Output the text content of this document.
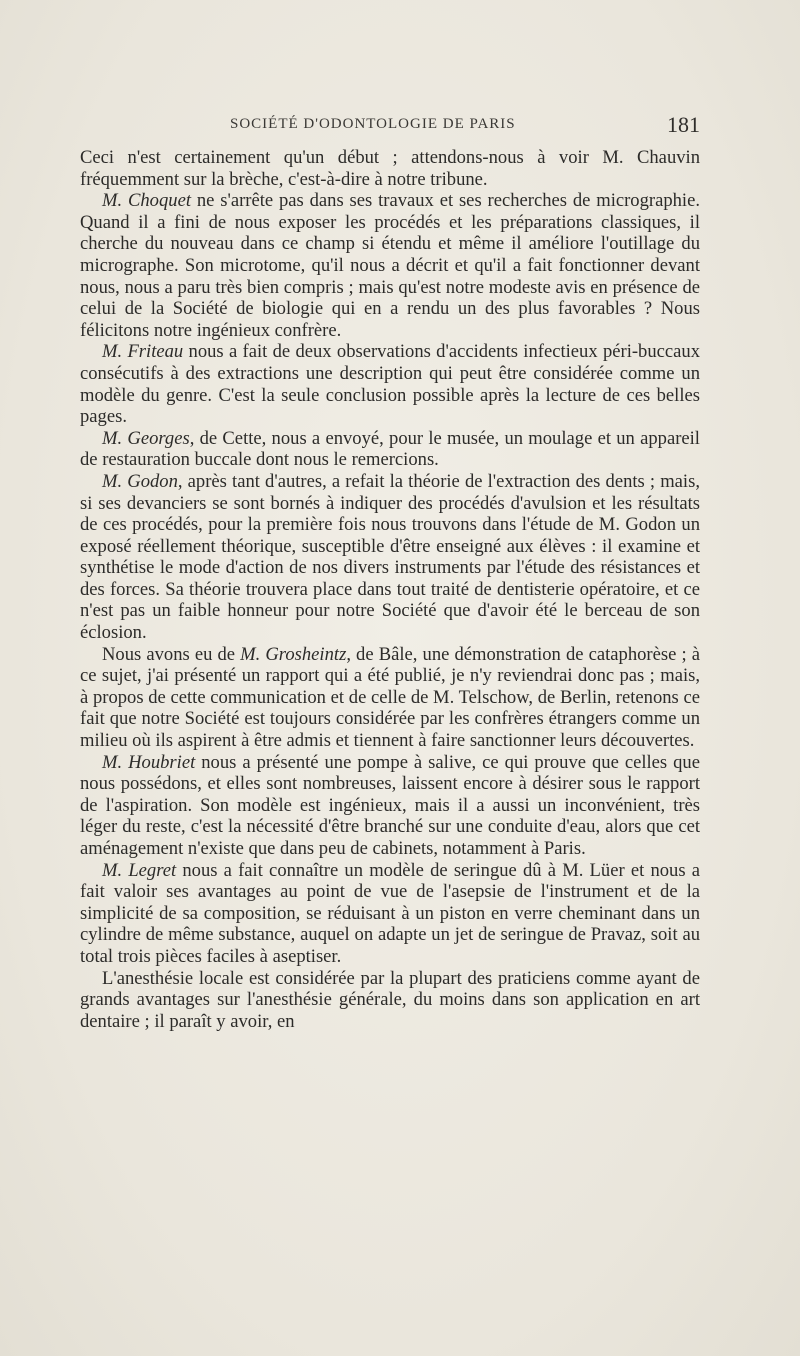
SOCIÉTÉ D'ODONTOLOGIE DE PARIS	181

Ceci n'est certainement qu'un début ; attendons-nous à voir M. Chauvin fréquemment sur la brèche, c'est-à-dire à notre tribune.

M. Choquet ne s'arrête pas dans ses travaux et ses recherches de micrographie. Quand il a fini de nous exposer les procédés et les préparations classiques, il cherche du nouveau dans ce champ si étendu et même il améliore l'outillage du micrographe. Son microtome, qu'il nous a décrit et qu'il a fait fonctionner devant nous, nous a paru très bien compris ; mais qu'est notre modeste avis en présence de celui de la Société de biologie qui en a rendu un des plus favorables ? Nous félicitons notre ingénieux confrère.

M. Friteau nous a fait de deux observations d'accidents infectieux péri-buccaux consécutifs à des extractions une description qui peut être considérée comme un modèle du genre. C'est la seule conclusion possible après la lecture de ces belles pages.

M. Georges, de Cette, nous a envoyé, pour le musée, un moulage et un appareil de restauration buccale dont nous le remercions.

M. Godon, après tant d'autres, a refait la théorie de l'extraction des dents ; mais, si ses devanciers se sont bornés à indiquer des procédés d'avulsion et les résultats de ces procédés, pour la première fois nous trouvons dans l'étude de M. Godon un exposé réellement théorique, susceptible d'être enseigné aux élèves : il examine et synthétise le mode d'action de nos divers instruments par l'étude des résistances et des forces. Sa théorie trouvera place dans tout traité de dentisterie opératoire, et ce n'est pas un faible honneur pour notre Société que d'avoir été le berceau de son éclosion.

Nous avons eu de M. Grosheintz, de Bâle, une démonstration de cataphorèse ; à ce sujet, j'ai présenté un rapport qui a été publié, je n'y reviendrai donc pas ; mais, à propos de cette communication et de celle de M. Telschow, de Berlin, retenons ce fait que notre Société est toujours considérée par les confrères étrangers comme un milieu où ils aspirent à être admis et tiennent à faire sanctionner leurs découvertes.

M. Houbriet nous a présenté une pompe à salive, ce qui prouve que celles que nous possédons, et elles sont nombreuses, laissent encore à désirer sous le rapport de l'aspiration. Son modèle est ingénieux, mais il a aussi un inconvénient, très léger du reste, c'est la nécessité d'être branché sur une conduite d'eau, alors que cet aménagement n'existe que dans peu de cabinets, notamment à Paris.

M. Legret nous a fait connaître un modèle de seringue dû à M. Lüer et nous a fait valoir ses avantages au point de vue de l'asepsie de l'instrument et de la simplicité de sa composition, se réduisant à un piston en verre cheminant dans un cylindre de même substance, auquel on adapte un jet de seringue de Pravaz, soit au total trois pièces faciles à aseptiser.

L'anesthésie locale est considérée par la plupart des praticiens comme ayant de grands avantages sur l'anesthésie générale, du moins dans son application en art dentaire ; il paraît y avoir, en
